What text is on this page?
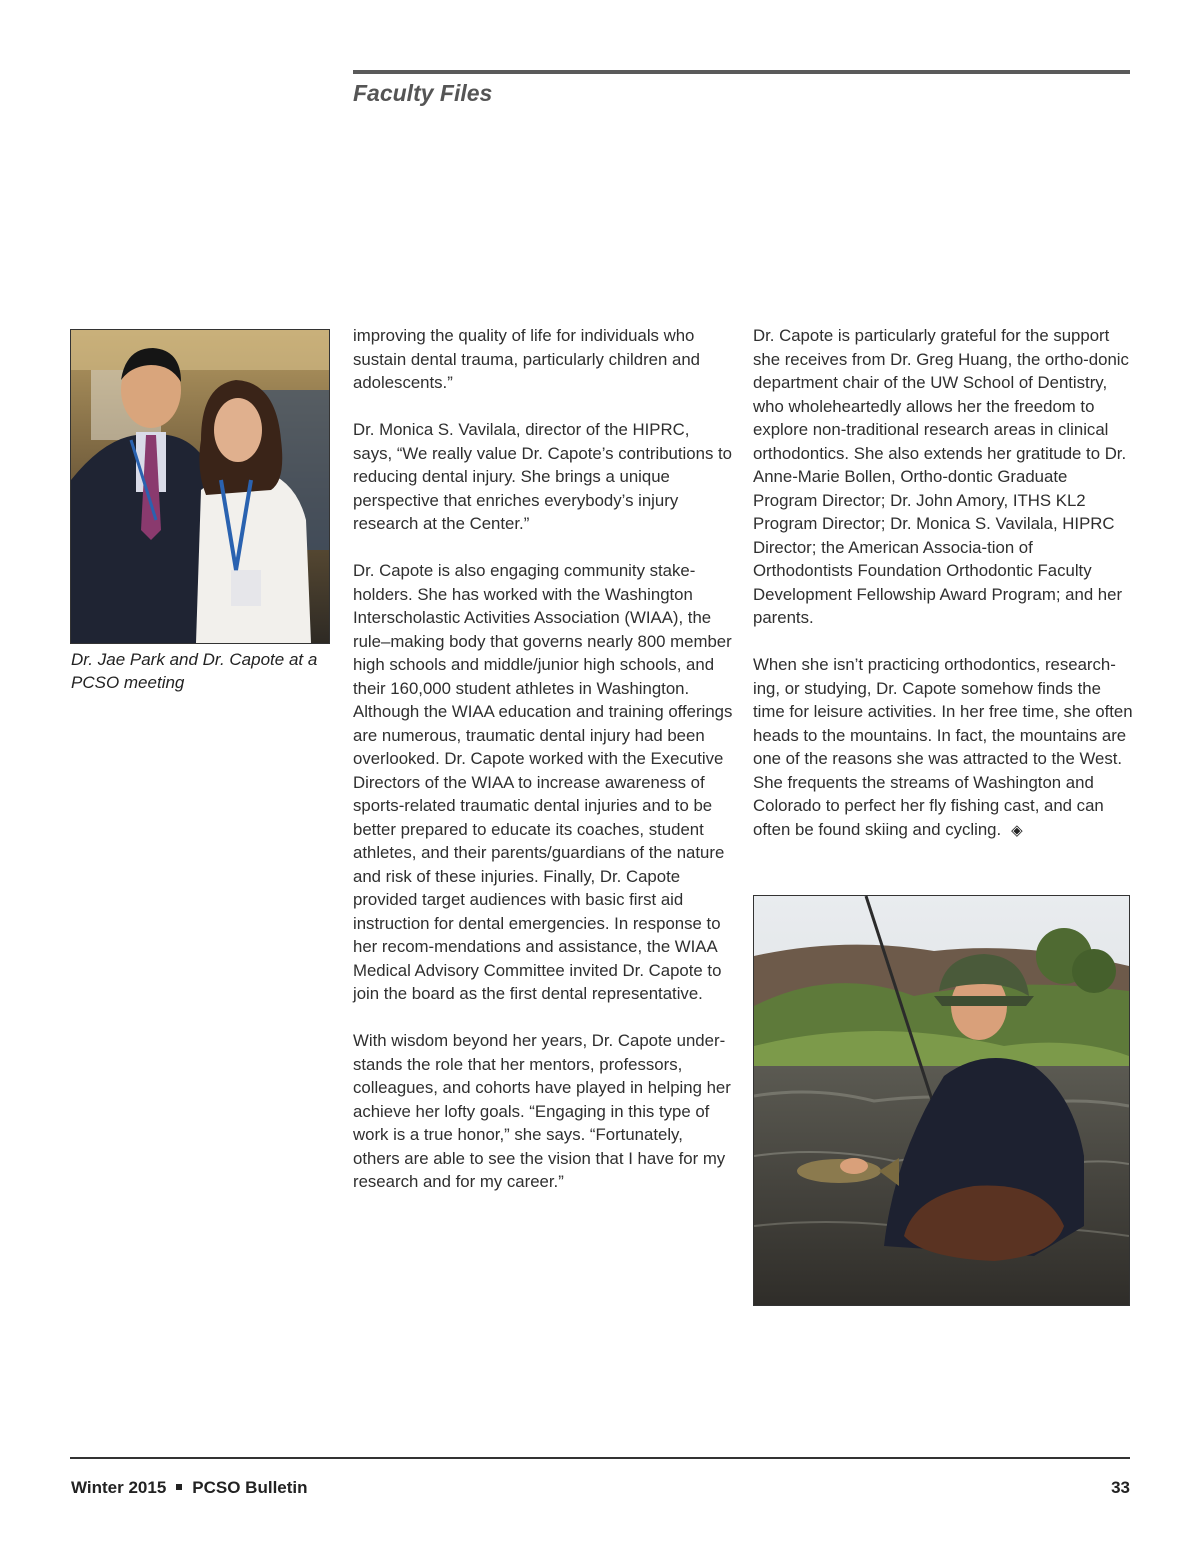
Faculty Files

Dr. Jae Park and Dr. Capote at a PCSO meeting

improving the quality of life for individuals who sustain dental trauma, particularly children and adolescents.”

Dr. Monica S. Vavilala, director of the HIPRC, says, “We really value Dr. Capote’s contributions to reducing dental injury. She brings a unique perspective that enriches everybody’s injury research at the Center.”

Dr. Capote is also engaging community stake-holders. She has worked with the Washington Interscholastic Activities Association (WIAA), the rule–making body that governs nearly 800 member high schools and middle/junior high schools, and their 160,000 student athletes in Washington. Although the WIAA education and training offerings are numerous, traumatic dental injury had been overlooked. Dr. Capote worked with the Executive Directors of the WIAA to increase awareness of sports-related traumatic dental injuries and to be better prepared to educate its coaches, student athletes, and their parents/guardians of the nature and risk of these injuries. Finally, Dr. Capote provided target audiences with basic first aid instruction for dental emergencies. In response to her recom-mendations and assistance, the WIAA Medical Advisory Committee invited Dr. Capote to join the board as the first dental representative.

With wisdom beyond her years, Dr. Capote under-stands the role that her mentors, professors, colleagues, and cohorts have played in helping her achieve her lofty goals. “Engaging in this type of work is a true honor,” she says. “Fortunately, others are able to see the vision that I have for my research and for my career.”

Dr. Capote is particularly grateful for the support she receives from Dr. Greg Huang, the ortho-donic department chair of the UW School of Dentistry, who wholeheartedly allows her the freedom to explore non-traditional research areas in clinical orthodontics. She also extends her gratitude to Dr. Anne-Marie Bollen, Ortho-dontic Graduate Program Director; Dr. John Amory, ITHS KL2 Program Director; Dr. Monica S. Vavilala, HIPRC Director; the American Associa-tion of Orthodontists Foundation Orthodontic Faculty Development Fellowship Award Program; and her parents.

When she isn’t practicing orthodontics, research-ing, or studying, Dr. Capote somehow finds the time for leisure activities. In her free time, she often heads to the mountains. In fact, the mountains are one of the reasons she was attracted to the West. She frequents the streams of Washington and Colorado to perfect her fly fishing cast, and can often be found skiing and cycling. ◈

Winter 2015 PCSO Bulletin	33
